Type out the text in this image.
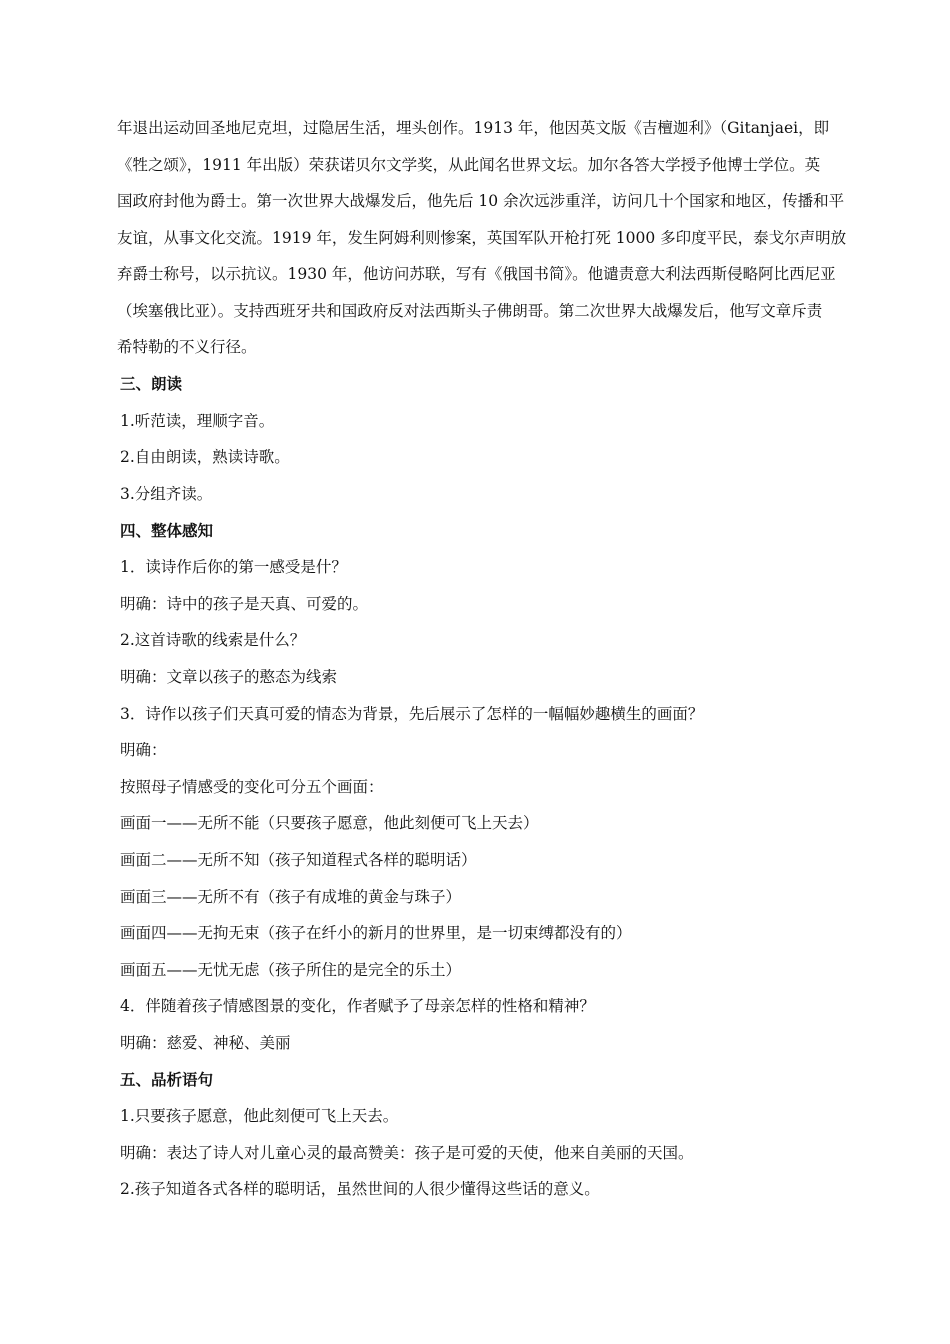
年退出运动回圣地尼克坦，过隐居生活，埋头创作。1913 年，他因英文版《吉檀迦利》（Gitanjaei，即
《牲之颂》，1911 年出版）荣获诺贝尔文学奖，从此闻名世界文坛。加尔各答大学授予他博士学位。英
国政府封他为爵士。第一次世界大战爆发后，他先后 10 余次远涉重洋，访问几十个国家和地区，传播和平
友谊，从事文化交流。1919 年，发生阿姆利则惨案，英国军队开枪打死 1000 多印度平民，泰戈尔声明放
弃爵士称号，以示抗议。1930 年，他访问苏联，写有《俄国书简》。他谴责意大利法西斯侵略阿比西尼亚
（埃塞俄比亚）。支持西班牙共和国政府反对法西斯头子佛朗哥。第二次世界大战爆发后，他写文章斥责
希特勒的不义行径。
三、朗读
1.听范读，理顺字音。
2.自由朗读，熟读诗歌。
3.分组齐读。
四、整体感知
1．读诗作后你的第一感受是什？
明确：诗中的孩子是天真、可爱的。
2.这首诗歌的线索是什么？
明确：文章以孩子的憨态为线索
3．诗作以孩子们天真可爱的情态为背景，先后展示了怎样的一幅幅妙趣横生的画面？
明确：
按照母子情感受的变化可分五个画面：
画面一——无所不能（只要孩子愿意，他此刻便可飞上天去）
画面二——无所不知（孩子知道程式各样的聪明话）
画面三——无所不有（孩子有成堆的黄金与珠子）
画面四——无拘无束（孩子在纤小的新月的世界里，是一切束缚都没有的）
画面五——无忧无虑（孩子所住的是完全的乐土）
4．伴随着孩子情感图景的变化，作者赋予了母亲怎样的性格和精神？
明确：慈爱、神秘、美丽
五、品析语句
1.只要孩子愿意，他此刻便可飞上天去。
明确：表达了诗人对儿童心灵的最高赞美：孩子是可爱的天使，他来自美丽的天国。
2.孩子知道各式各样的聪明话，虽然世间的人很少懂得这些话的意义。
